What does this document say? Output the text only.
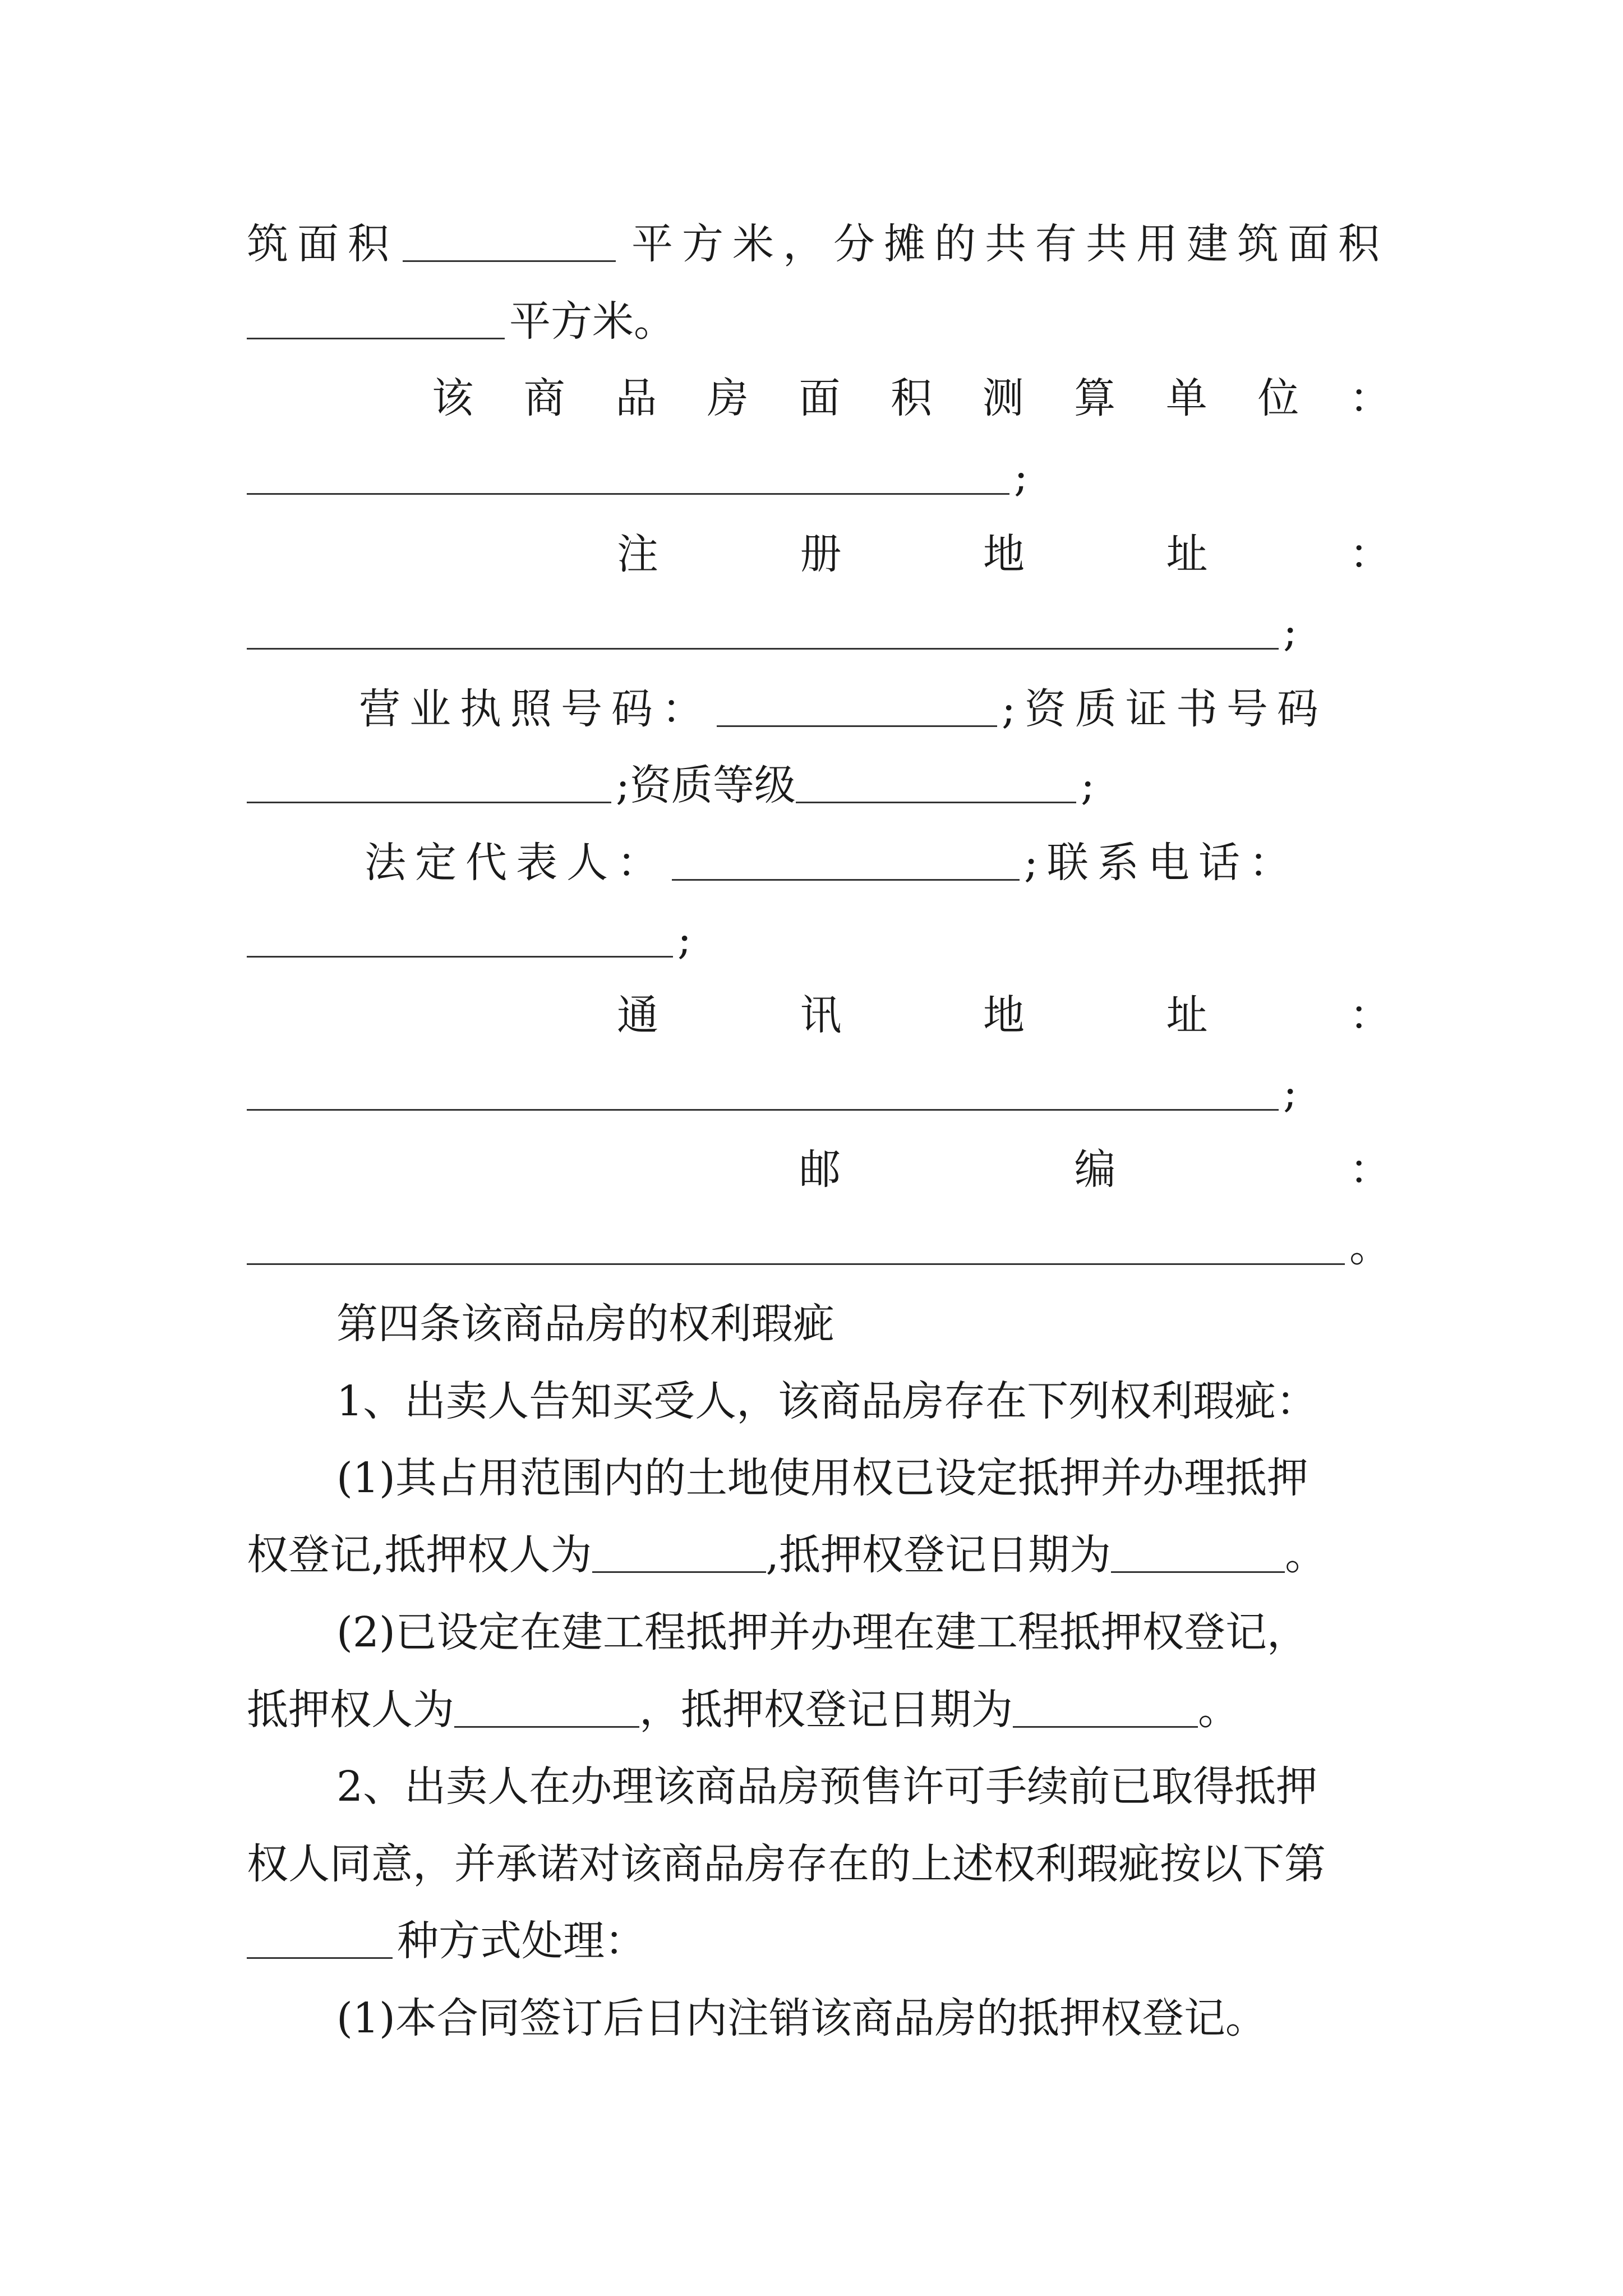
筑面积	平方米，分摊的共有共用建筑面积
平方米。
该 商 品 房 面 积 测 算 单 位 ：
;
注	册	地	址	：
;
营业执照号码：	;资质证书号码
;资质等级	;
法定代表人：	;联系电话：
;
通	讯	地	址	：
;
邮	编	：
。
第四条该商品房的权利瑕疵
1、出卖人告知买受人，该商品房存在下列权利瑕疵：
(1)其占用范围内的土地使用权已设定抵押并办理抵押
权登记,抵押权人为	,抵押权登记日期为	。
(2)已设定在建工程抵押并办理在建工程抵押权登记，
抵押权人为	，抵押权登记日期为	。
2、出卖人在办理该商品房预售许可手续前已取得抵押
权人同意，并承诺对该商品房存在的上述权利瑕疵按以下第
种方式处理：
(1)本合同签订后日内注销该商品房的抵押权登记。
